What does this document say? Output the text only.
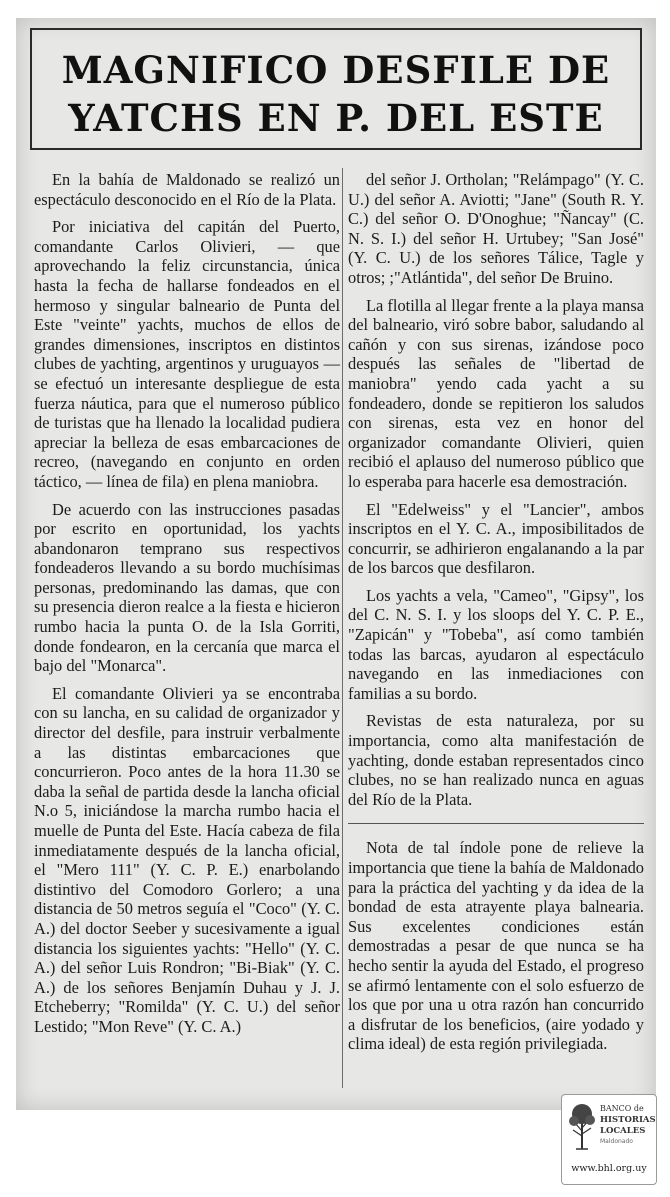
MAGNIFICO DESFILE DE
YATCHS EN P. DEL ESTE

En la bahía de Maldonado se realizó un espectáculo desconocido en el Río de la Plata.

Por iniciativa del capitán del Puerto, comandante Carlos Olivieri, — que aprovechando la feliz circunstancia, única hasta la fecha de hallarse fondeados en el hermoso y singular balneario de Punta del Este "veinte" yachts, muchos de ellos de grandes dimensiones, inscriptos en distintos clubes de yachting, argentinos y uruguayos — se efectuó un interesante despliegue de esta fuerza náutica, para que el numeroso público de turistas que ha llenado la localidad pudiera apreciar la belleza de esas embarcaciones de recreo, (navegando en conjunto en orden táctico, — línea de fila) en plena maniobra.

De acuerdo con las instrucciones pasadas por escrito en oportunidad, los yachts abandonaron temprano sus respectivos fondeaderos llevando a su bordo muchísimas personas, predominando las damas, que con su presencia dieron realce a la fiesta e hicieron rumbo hacia la punta O. de la Isla Gorriti, donde fondearon, en la cercanía que marca el bajo del "Monarca".

El comandante Olivieri ya se encontraba con su lancha, en su calidad de organizador y director del desfile, para instruir verbalmente a las distintas embarcaciones que concurrieron. Poco antes de la hora 11.30 se daba la señal de partida desde la lancha oficial N.o 5, iniciándose la marcha rumbo hacia el muelle de Punta del Este. Hacía cabeza de fila inmediatamente después de la lancha oficial, el "Mero 111" (Y. C. P. E.) enarbolando distintivo del Comodoro Gorlero; a una distancia de 50 metros seguía el "Coco" (Y. C. A.) del doctor Seeber y sucesivamente a igual distancia los siguientes yachts: "Hello" (Y. C. A.) del señor Luis Rondron; "Bi-Biak" (Y. C. A.) de los señores Benjamín Duhau y J. J. Etcheberry; "Romilda" (Y. C. U.) del señor Lestido; "Mon Reve" (Y. C. A.)

del señor J. Ortholan; "Relámpago" (Y. C. U.) del señor A. Aviotti; "Jane" (South R. Y. C.) del señor O. D'Onoghue; "Ñancay" (C. N. S. I.) del señor H. Urtubey; "San José" (Y. C. U.) de los señores Tálice, Tagle y otros; ;"Atlántida", del señor De Bruino.

La flotilla al llegar frente a la playa mansa del balneario, viró sobre babor, saludando al cañón y con sus sirenas, izándose poco después las señales de "libertad de maniobra" yendo cada yacht a su fondeadero, donde se repitieron los saludos con sirenas, esta vez en honor del organizador comandante Olivieri, quien recibió el aplauso del numeroso público que lo esperaba para hacerle esa demostración.

El "Edelweiss" y el "Lancier", ambos inscriptos en el Y. C. A., imposibilitados de concurrir, se adhirieron engalanando a la par de los barcos que desfilaron.

Los yachts a vela, "Cameo", "Gipsy", los del C. N. S. I. y los sloops del Y. C. P. E., "Zapicán" y "Tobeba", así como también todas las barcas, ayudaron al espectáculo navegando en las inmediaciones con familias a su bordo.

Revistas de esta naturaleza, por su importancia, como alta manifestación de yachting, donde estaban representados cinco clubes, no se han realizado nunca en aguas del Río de la Plata.

Nota de tal índole pone de relieve la importancia que tiene la bahía de Maldonado para la práctica del yachting y da idea de la bondad de esta atrayente playa balnearia. Sus excelentes condiciones están demostradas a pesar de que nunca se ha hecho sentir la ayuda del Estado, el progreso se afirmó lentamente con el solo esfuerzo de los que por una u otra razón han concurrido a disfrutar de los beneficios, (aire yodado y clima ideal) de esta región privilegiada.

BANCO de
HISTORIAS
LOCALES
Maldonado
www.bhl.org.uy
